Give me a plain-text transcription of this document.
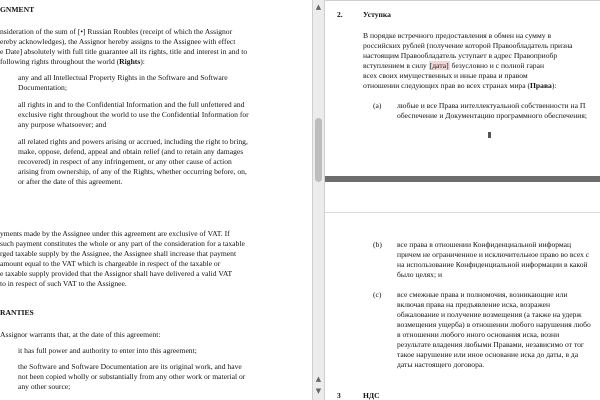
GNMENT
nsideration of the sum of [•] Russian Roubles (receipt of which the Assignor
ereby acknowledges), the Assignor hereby assigns to the Assignee with effect
e Date] absolutely with full title guarantee all its rights, title and interest in and to
following rights throughout the world (Rights):
any and all Intellectual Property Rights in the Software and Software
Documentation;
all rights in and to the Confidential Information and the full unfettered and
exclusive right throughout the world to use the Confidential Information for
any purpose whatsoever; and
all related rights and powers arising or accrued, including the right to bring,
make, oppose, defend, appeal and obtain relief (and to retain any damages
recovered) in respect of any infringement, or any other cause of action
arising from ownership, of any of the Rights, whether occurring before, on,
or after the date of this agreement.
yments made by the Assignee under this agreement are exclusive of VAT. If
such payment constitutes the whole or any part of the consideration for a taxable
rged taxable supply by the Assignee, the Assignee shall increase that payment
amount equal to the VAT which is chargeable in respect of the taxable or
e taxable supply provided that the Assignor shall have delivered a valid VAT
to in respect of such VAT to the Assignee.
RANTIES
Assignor warrants that, at the date of this agreement:
it has full power and authority to enter into this agreement;
the Software and Software Documentation are its original work, and have
not been copied wholly or substantially from any other work or material or
any other source;
▲
▲
▼
2.	Уступка
В порядке встречного предоставления в обмен на сумму в
российских рублей (получение которой Правообладатель призна
настоящим Правообладатель уступает в адрес Правоприобр
вступлением в силу [дата] безусловно и с полной гаран
всех своих имущественных и иные права и правом
отношении следующих прав во всех странах мира (Права):
(a) любые и все Права интеллектуальной собственности на П
обеспечение и Документацию программного обеспечения;
(b) все права в отношении Конфиденциальной информац
причем не ограниченное и исключительное право во всех с
на использование Конфиденциальной информации в какой
было целях; и
(c) все смежные права и полномочия, возникающие или
включая права на предъявление иска, возражен
обжалование и получение возмещения (а также на удерж
возмещения ущерба) в отношении любого нарушения любо
в отношении любого иного основания иска, возни
результате владения любыми Правами, независимо от тог
такое нарушение или иное основание иска до даты, в да
даты настоящего договора.
3	НДС
